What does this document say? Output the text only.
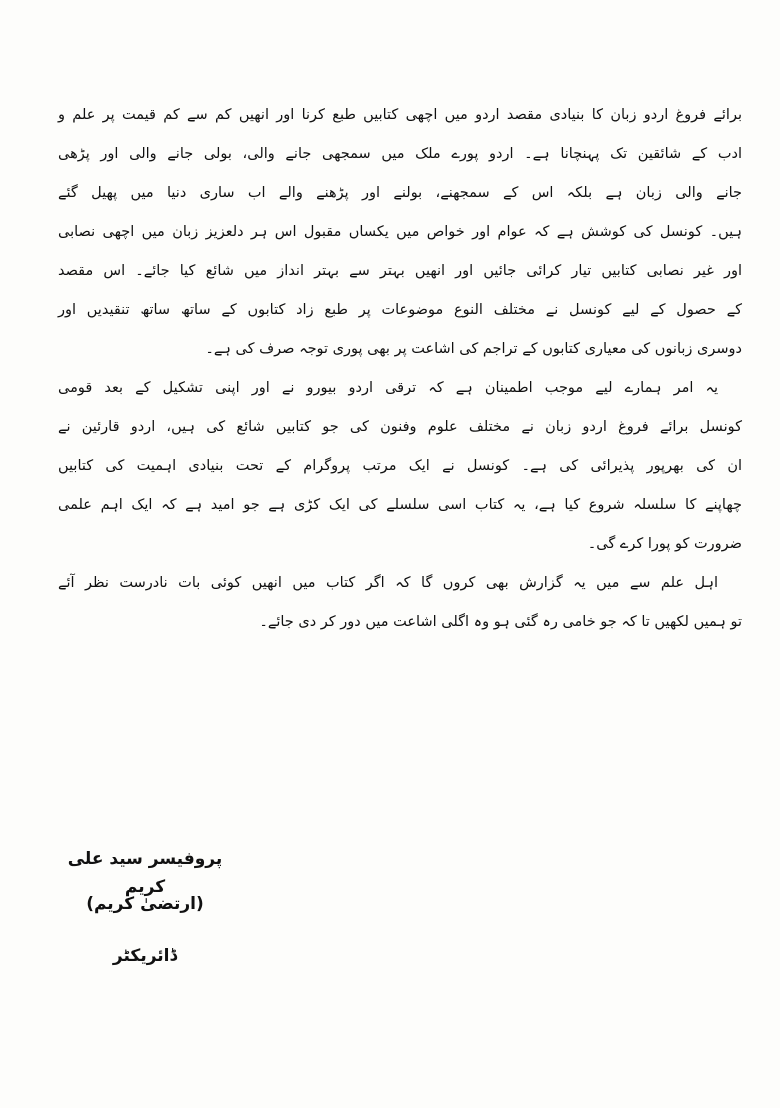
برائے فروغ اردو زبان کا بنیادی مقصد اردو میں اچھی کتابیں طبع کرنا اور انھیں کم سے کم قیمت پر علم و
ادب کے شائقین تک پہنچانا ہے۔ اردو پورے ملک میں سمجھی جانے والی، بولی جانے والی اور پڑھی
جانے والی زبان ہے بلکہ اس کے سمجھنے، بولنے اور پڑھنے والے اب ساری دنیا میں پھیل گئے
ہیں۔ کونسل کی کوشش ہے کہ عوام اور خواص میں یکساں مقبول اس ہر دلعزیز زبان میں اچھی نصابی
اور غیر نصابی کتابیں تیار کرائی جائیں اور انھیں بہتر سے بہتر انداز میں شائع کیا جائے۔ اس مقصد
کے حصول کے لیے کونسل نے مختلف النوع موضوعات پر طبع زاد کتابوں کے ساتھ ساتھ تنقیدیں اور
دوسری زبانوں کی معیاری کتابوں کے تراجم کی اشاعت پر بھی پوری توجہ صرف کی ہے۔
یہ امر ہمارے لیے موجب اطمینان ہے کہ ترقی اردو بیورو نے اور اپنی تشکیل کے بعد قومی
کونسل برائے فروغ اردو زبان نے مختلف علوم وفنون کی جو کتابیں شائع کی ہیں، اردو قارئین نے
ان کی بھرپور پذیرائی کی ہے۔ کونسل نے ایک مرتب پروگرام کے تحت بنیادی اہمیت کی کتابیں
چھاپنے کا سلسلہ شروع کیا ہے، یہ کتاب اسی سلسلے کی ایک کڑی ہے جو امید ہے کہ ایک اہم علمی
ضرورت کو پورا کرے گی۔
اہل علم سے میں یہ گزارش بھی کروں گا کہ اگر کتاب میں انھیں کوئی بات نادرست نظر آئے
تو ہمیں لکھیں تا کہ جو خامی رہ گئی ہو وہ اگلی اشاعت میں دور کر دی جائے۔
پروفیسر سید علی کریم
(ارتضیٰ کریم)
ڈائریکٹر
